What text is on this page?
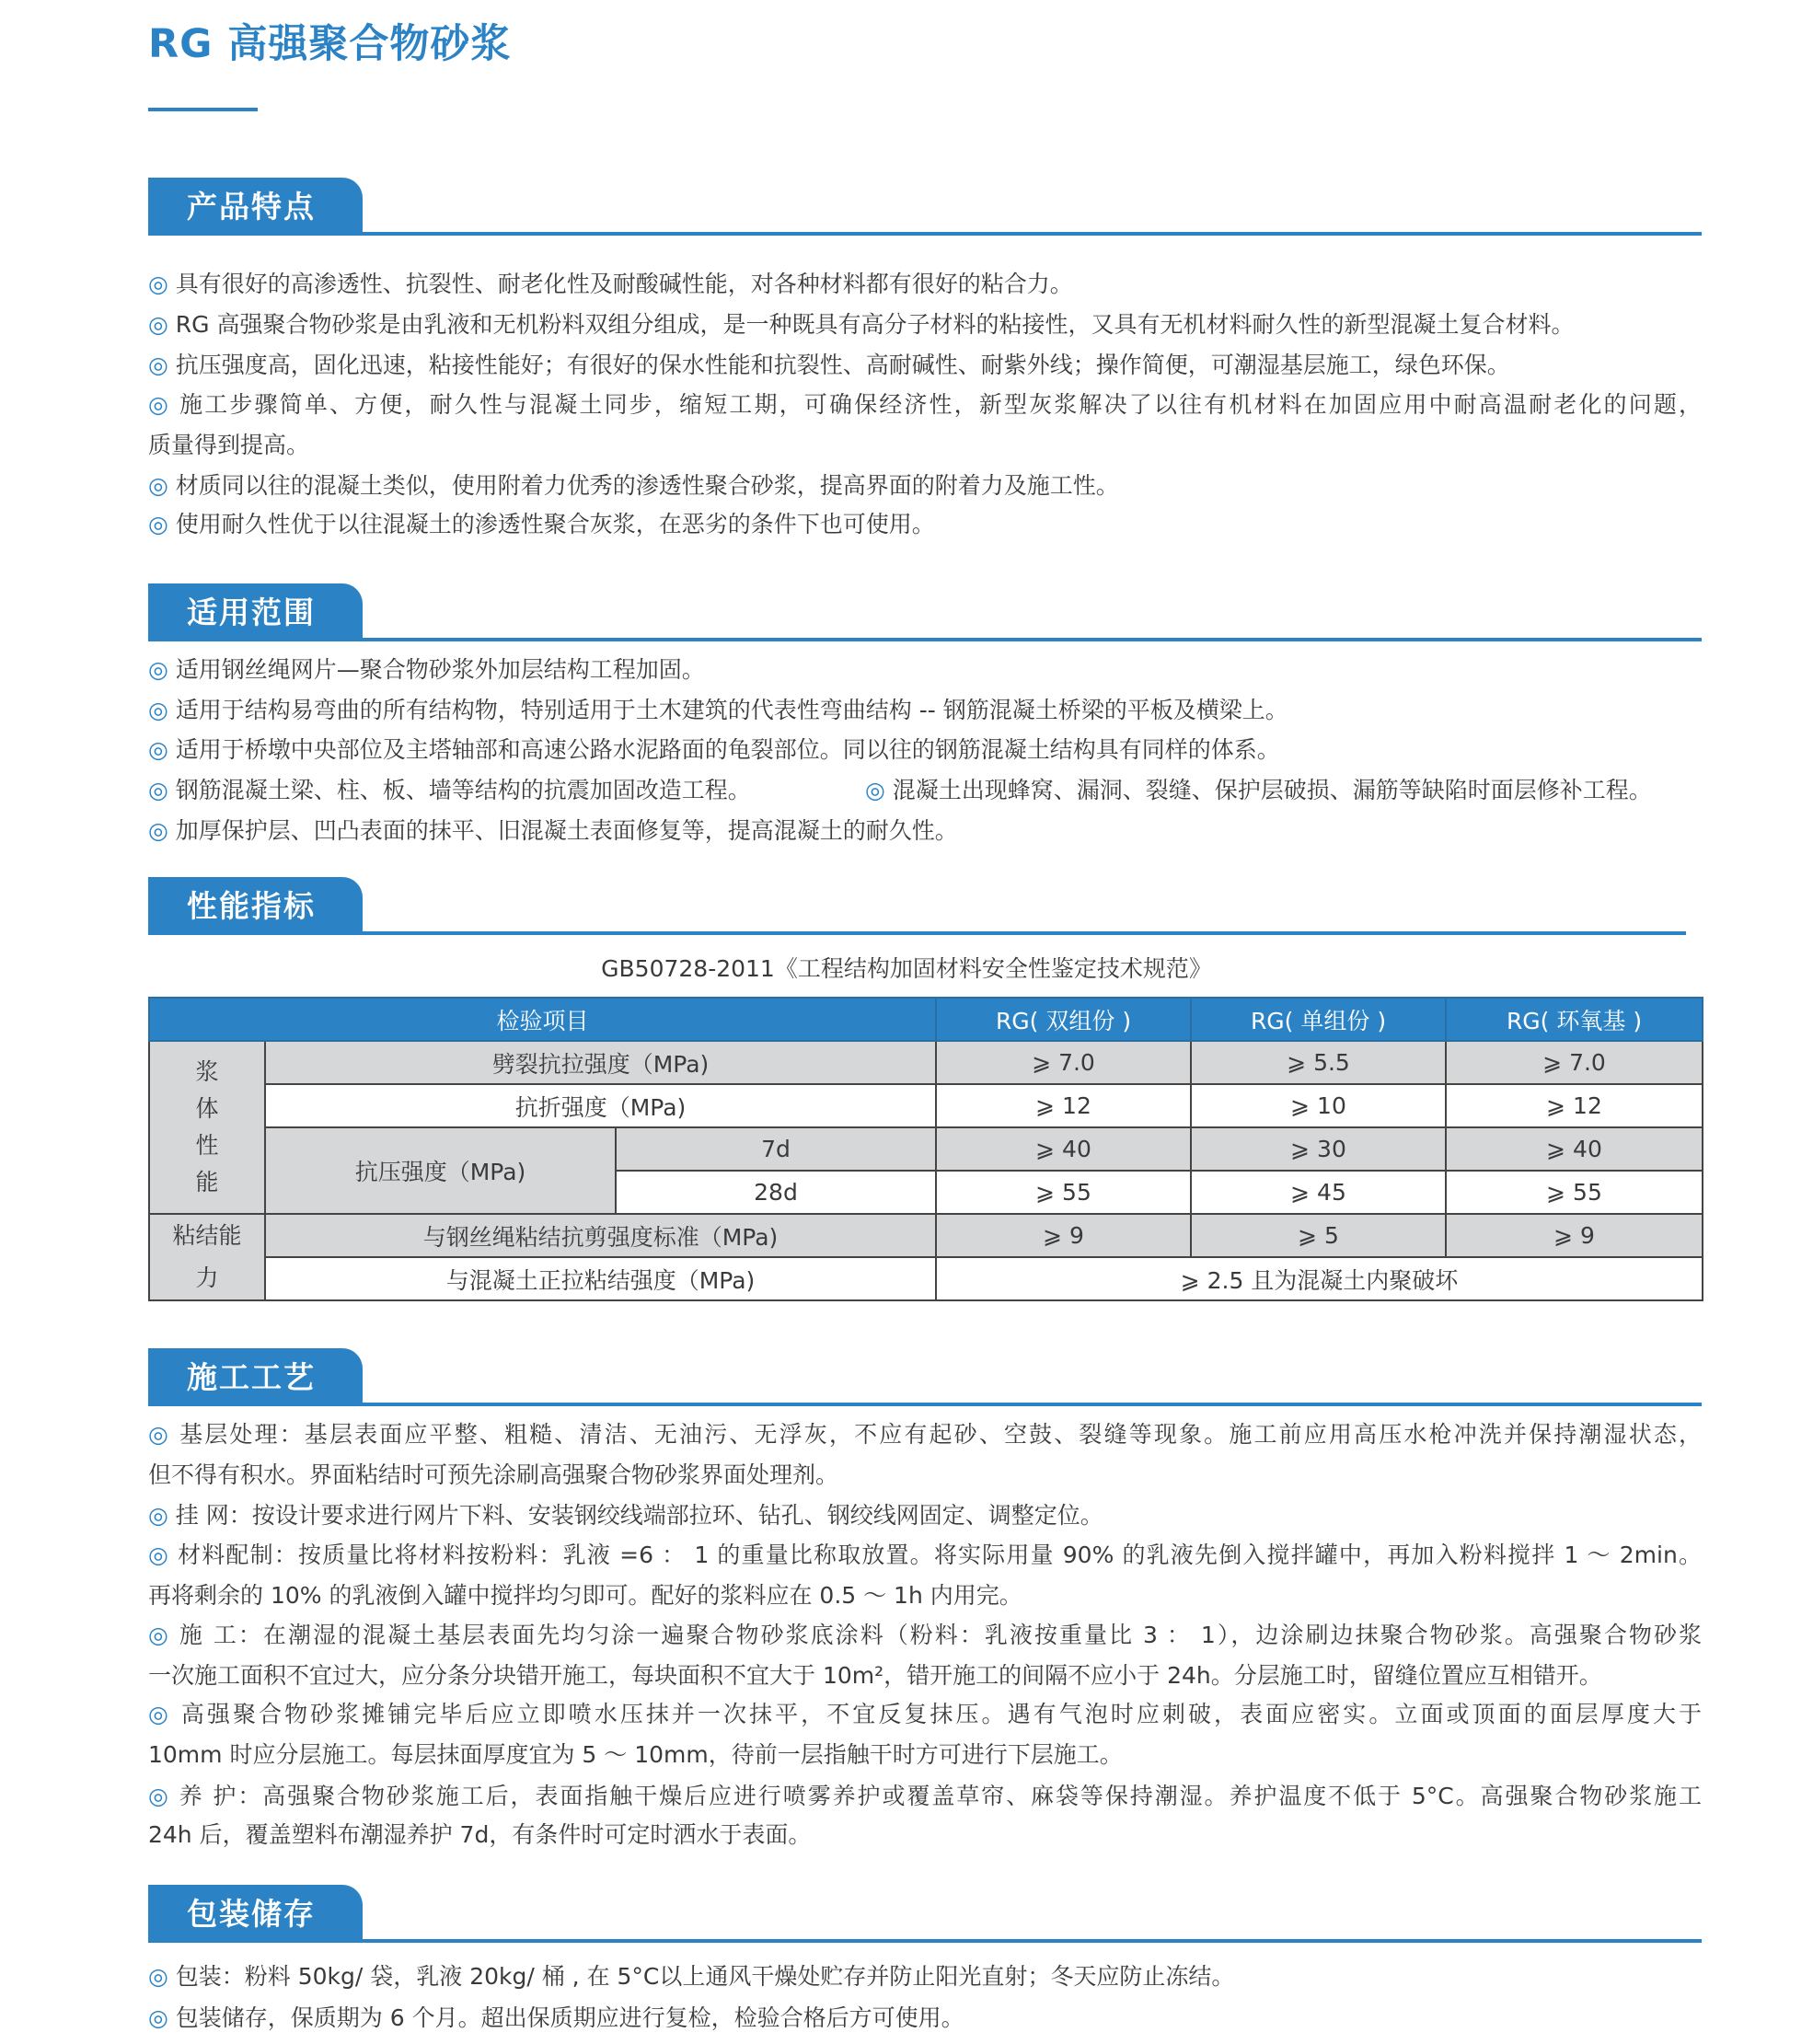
RG 高强聚合物砂浆
产品特点
◎ 具有很好的高渗透性、抗裂性、耐老化性及耐酸碱性能，对各种材料都有很好的粘合力。
◎ RG 高强聚合物砂浆是由乳液和无机粉料双组分组成，是一种既具有高分子材料的粘接性，又具有无机材料耐久性的新型混凝土复合材料。
◎ 抗压强度高，固化迅速，粘接性能好；有很好的保水性能和抗裂性、高耐碱性、耐紫外线；操作简便，可潮湿基层施工，绿色环保。
◎ 施工步骤简单、方便，耐久性与混凝土同步，缩短工期，可确保经济性，新型灰浆解决了以往有机材料在加固应用中耐高温耐老化的问题，
质量得到提高。
◎ 材质同以往的混凝土类似，使用附着力优秀的渗透性聚合砂浆，提高界面的附着力及施工性。
◎ 使用耐久性优于以往混凝土的渗透性聚合灰浆，在恶劣的条件下也可使用。
适用范围
◎ 适用钢丝绳网片—聚合物砂浆外加层结构工程加固。
◎ 适用于结构易弯曲的所有结构物，特别适用于土木建筑的代表性弯曲结构 -- 钢筋混凝土桥梁的平板及横梁上。
◎ 适用于桥墩中央部位及主塔轴部和高速公路水泥路面的龟裂部位。同以往的钢筋混凝土结构具有同样的体系。
◎ 钢筋混凝土梁、柱、板、墙等结构的抗震加固改造工程。	◎ 混凝土出现蜂窝、漏洞、裂缝、保护层破损、漏筋等缺陷时面层修补工程。
◎ 加厚保护层、凹凸表面的抹平、旧混凝土表面修复等，提高混凝土的耐久性。
性能指标
施工工艺
◎ 基层处理：基层表面应平整、粗糙、清洁、无油污、无浮灰，不应有起砂、空鼓、裂缝等现象。施工前应用高压水枪冲洗并保持潮湿状态，
但不得有积水。界面粘结时可预先涂刷高强聚合物砂浆界面处理剂。
◎ 挂 网：按设计要求进行网片下料、安装钢绞线端部拉环、钻孔、钢绞线网固定、调整定位。
◎ 材料配制：按质量比将材料按粉料：乳液 =6 ： 1 的重量比称取放置。将实际用量 90% 的乳液先倒入搅拌罐中，再加入粉料搅拌 1 ～ 2min。
再将剩余的 10% 的乳液倒入罐中搅拌均匀即可。配好的浆料应在 0.5 ～ 1h 内用完。
◎ 施 工：在潮湿的混凝土基层表面先均匀涂一遍聚合物砂浆底涂料（粉料：乳液按重量比 3 ： 1），边涂刷边抹聚合物砂浆。高强聚合物砂浆
一次施工面积不宜过大，应分条分块错开施工，每块面积不宜大于 10m²，错开施工的间隔不应小于 24h。分层施工时，留缝位置应互相错开。
◎ 高强聚合物砂浆摊铺完毕后应立即喷水压抹并一次抹平，不宜反复抹压。遇有气泡时应刺破，表面应密实。立面或顶面的面层厚度大于
10mm 时应分层施工。每层抹面厚度宜为 5 ～ 10mm，待前一层指触干时方可进行下层施工。
◎ 养 护：高强聚合物砂浆施工后，表面指触干燥后应进行喷雾养护或覆盖草帘、麻袋等保持潮湿。养护温度不低于 5°C。高强聚合物砂浆施工
24h 后，覆盖塑料布潮湿养护 7d，有条件时可定时洒水于表面。
包装储存
◎ 包装：粉料 50kg/ 袋，乳液 20kg/ 桶 , 在 5°C以上通风干燥处贮存并防止阳光直射；冬天应防止冻结。
◎ 包装储存，保质期为 6 个月。超出保质期应进行复检，检验合格后方可使用。
GB50728-2011《工程结构加固材料安全性鉴定技术规范》
检验项目			RG( 双组份 )	RG( 单组份 )	RG( 环氧基 )
浆体性能	劈裂抗拉强度（MPa)		⩾ 7.0	⩾ 5.5	⩾ 7.0
	抗折强度（MPa)		⩾ 12	⩾ 10	⩾ 12
	抗压强度（MPa)	7d	⩾ 40	⩾ 30	⩾ 40
		28d	⩾ 55	⩾ 45	⩾ 55
粘结能力	与钢丝绳粘结抗剪强度标准（MPa)		⩾ 9	⩾ 5	⩾ 9
	与混凝土正拉粘结强度（MPa)		⩾ 2.5 且为混凝土内聚破坏		
